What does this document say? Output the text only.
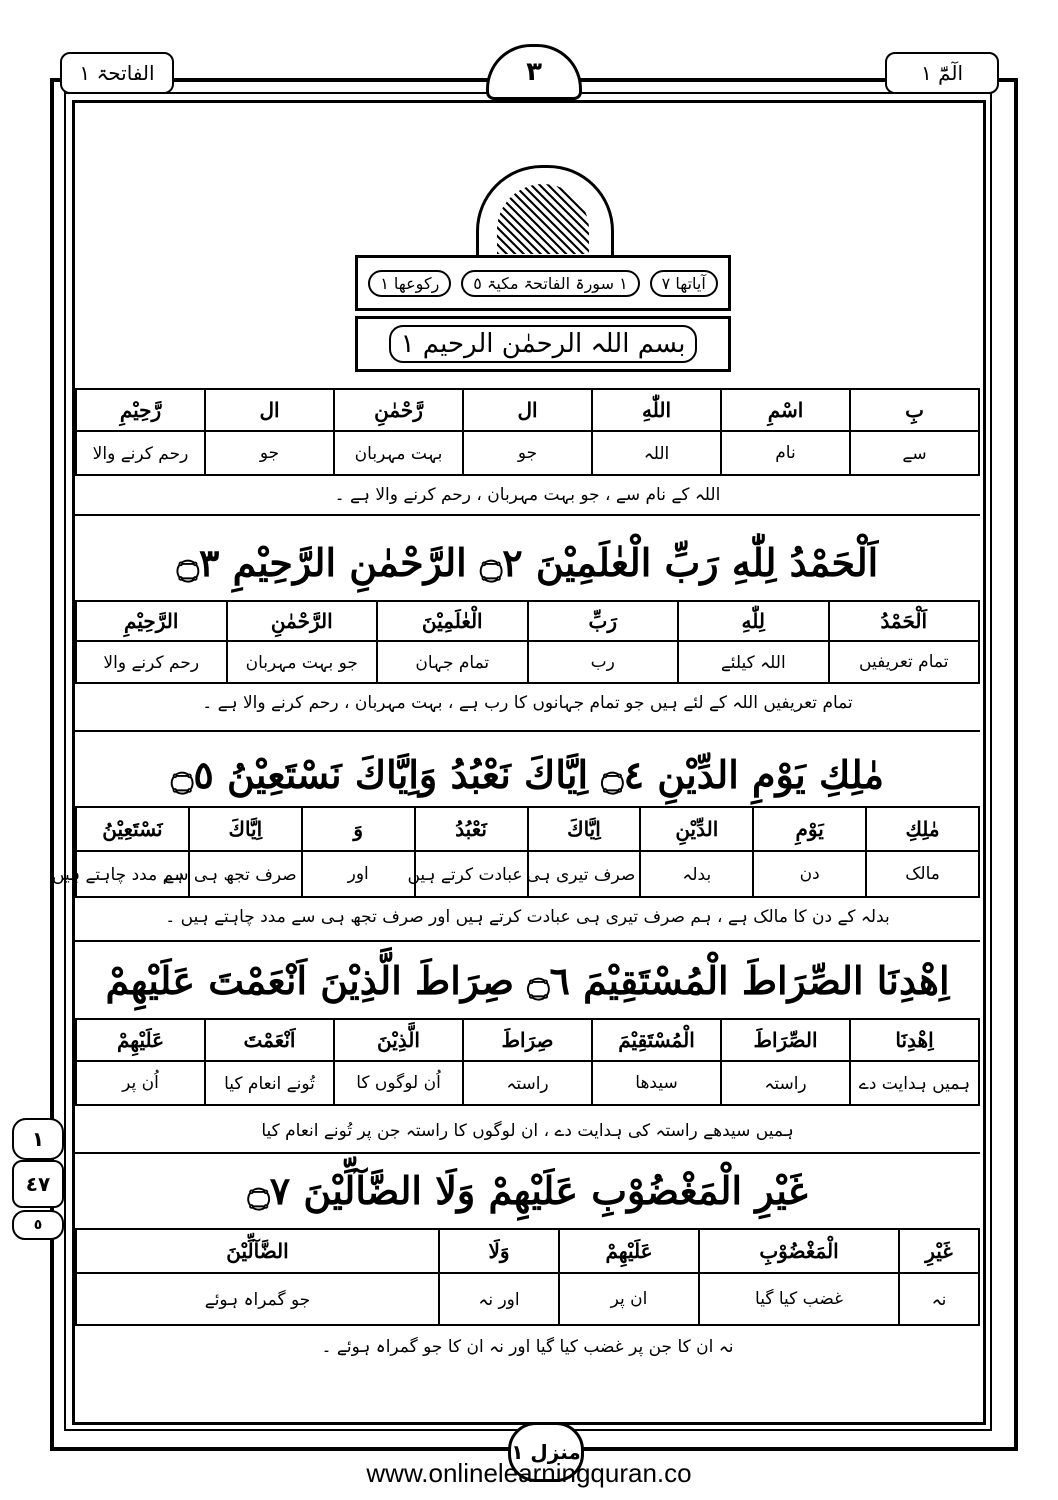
الفاتحۃ ١	٣	الٓمّٓ ١
آیاتھا ٧
١ سورۃ الفاتحۃ مکیۃ ٥
رکوعھا ١
بسم اللہ الرحمٰن الرحیم ١
بِ	اسْمِ	اللّٰهِ	ال	رَّحْمٰنِ	ال	رَّحِيْمِ
سے	نام	اللہ	جو	بہت مہربان	جو	رحم کرنے والا
اللہ کے نام سے ، جو بہت مہربان ، رحم کرنے والا ہے ۔
اَلْحَمْدُ لِلّٰهِ رَبِّ الْعٰلَمِيْنَ ۝٢ الرَّحْمٰنِ الرَّحِيْمِ ۝٣
اَلْحَمْدُ	لِلّٰهِ	رَبِّ	الْعٰلَمِيْنَ	الرَّحْمٰنِ	الرَّحِيْمِ
تمام تعریفیں	اللہ کیلئے	رب	تمام جہان	جو بہت مہربان	رحم کرنے والا
تمام تعریفیں اللہ کے لئے ہیں جو تمام جہانوں کا رب ہے ، بہت مہربان ، رحم کرنے والا ہے ۔
مٰلِكِ يَوْمِ الدِّيْنِ ۝٤ اِيَّاكَ نَعْبُدُ وَاِيَّاكَ نَسْتَعِيْنُ ۝٥
مٰلِكِ	يَوْمِ	الدِّيْنِ	اِيَّاكَ	نَعْبُدُ	وَ	اِيَّاكَ	نَسْتَعِيْنُ
مالک	دن	بدلہ	صرف تیری ہی	عبادت کرتے ہیں	اور	صرف تجھ ہی سے	ہم مدد چاہتے ہیں
بدلہ کے دن کا مالک ہے ، ہم صرف تیری ہی عبادت کرتے ہیں اور صرف تجھ ہی سے مدد چاہتے ہیں ۔
اِهْدِنَا الصِّرَاطَ الْمُسْتَقِيْمَ ۝٦ صِرَاطَ الَّذِيْنَ اَنْعَمْتَ عَلَيْهِمْ
اِهْدِنَا	الصِّرَاطَ	الْمُسْتَقِيْمَ	صِرَاطَ	الَّذِيْنَ	اَنْعَمْتَ	عَلَيْهِمْ
ہمیں ہدایت دے	راستہ	سیدھا	راستہ	اُن لوگوں کا	تُونے انعام کیا	اُن پر
ہمیں سیدھے راستہ کی ہدایت دے ، ان لوگوں کا راستہ جن پر تُونے انعام کیا
غَيْرِ الْمَغْضُوْبِ عَلَيْهِمْ وَلَا الضَّآلِّيْنَ ۝٧
غَيْرِ	الْمَغْضُوْبِ	عَلَيْهِمْ	وَلَا	الضَّآلِّيْنَ
نہ	غضب کیا گیا	ان پر	اور نہ	جو گمراہ ہوئے
نہ ان کا جن پر غضب کیا گیا اور نہ ان کا جو گمراہ ہوئے ۔
١
٤٧
٥
منزل ١
www.onlinelearningquran.co
